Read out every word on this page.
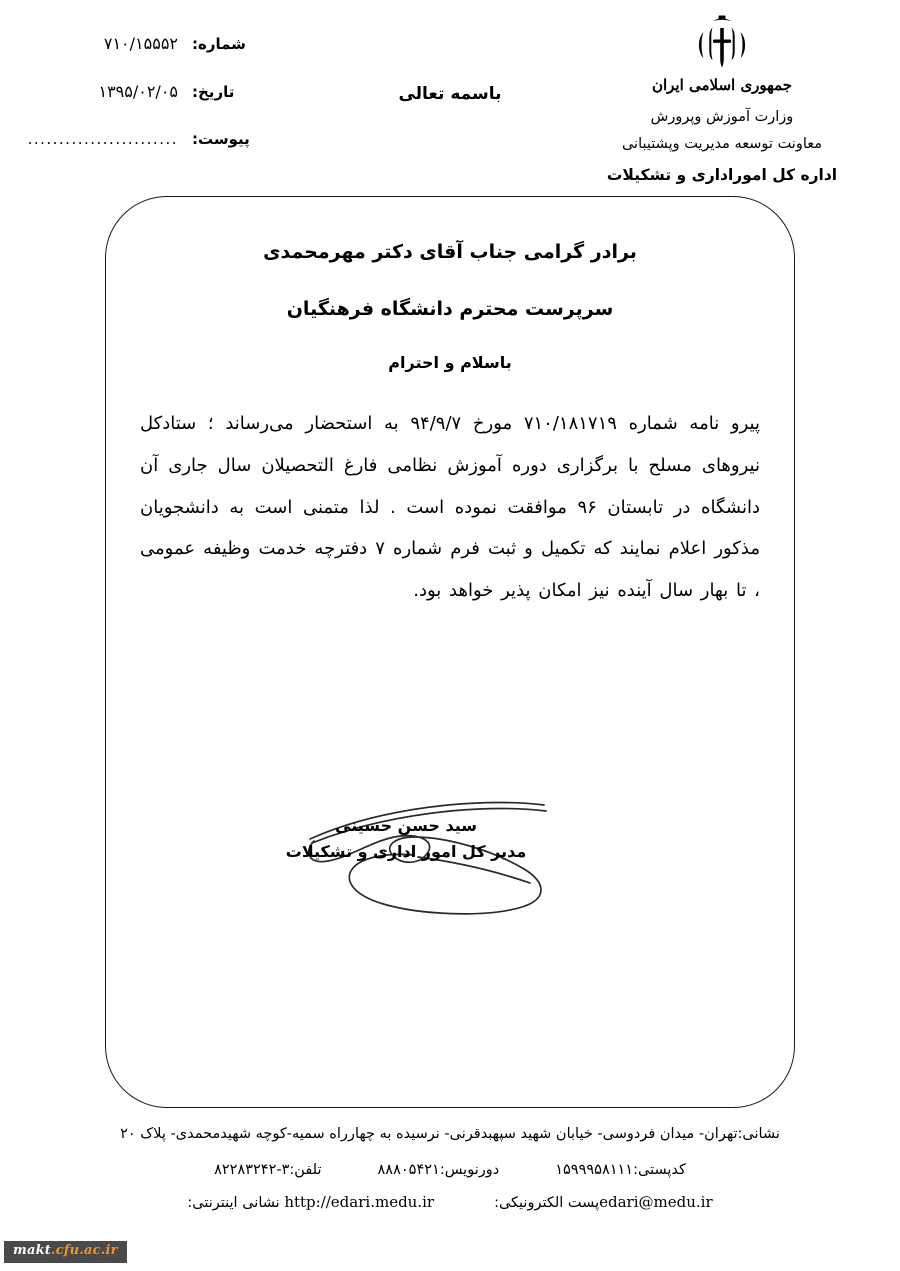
شماره:
۷۱۰/۱۵۵۵۲
تاریخ:
۱۳۹۵/۰۲/۰۵
پیوست:
........................
باسمه تعالی	جمهوری اسلامی ایران
وزارت آموزش وپرورش
معاونت توسعه مدیریت وپشتیبانی
اداره کل اموراداری و تشکیلات
برادر گرامی جناب آقای دکتر مهرمحمدی
سرپرست محترم دانشگاه فرهنگیان
باسلام و احترام
پیرو نامه شماره ۷۱۰/۱۸۱۷۱۹ مورخ ۹۴/۹/۷ به استحضار می‌رساند ؛ ستادکل نیروهای مسلح با برگزاری دوره آموزش نظامی فارغ التحصیلان سال جاری آن دانشگاه در تابستان ۹۶ موافقت نموده است . لذا متمنی است به دانشجویان مذکور اعلام نمایند که تکمیل و ثبت فرم شماره ۷ دفترچه خدمت وظیفه عمومی ، تا بهار سال آینده نیز امکان پذیر خواهد بود.
سید حسن حسینی
مدیر کل امور اداری و تشکیلات
نشانی:تهران- میدان فردوسی- خیابان شهید سپهبدقرنی- نرسیده به چهارراه سمیه-کوچه شهیدمحمدی- پلاک ۲۰
کدپستی:۱۵۹۹۹۵۸۱۱۱
دورنویس:۸۸۸۰۵۴۲۱
تلفن:۸۲۲۸۳۲۴۲-۳
edari@medu.irپست الکترونیکی:
http://edari.medu.ir نشانی اینترنتی:
makt.cfu.ac.ir
